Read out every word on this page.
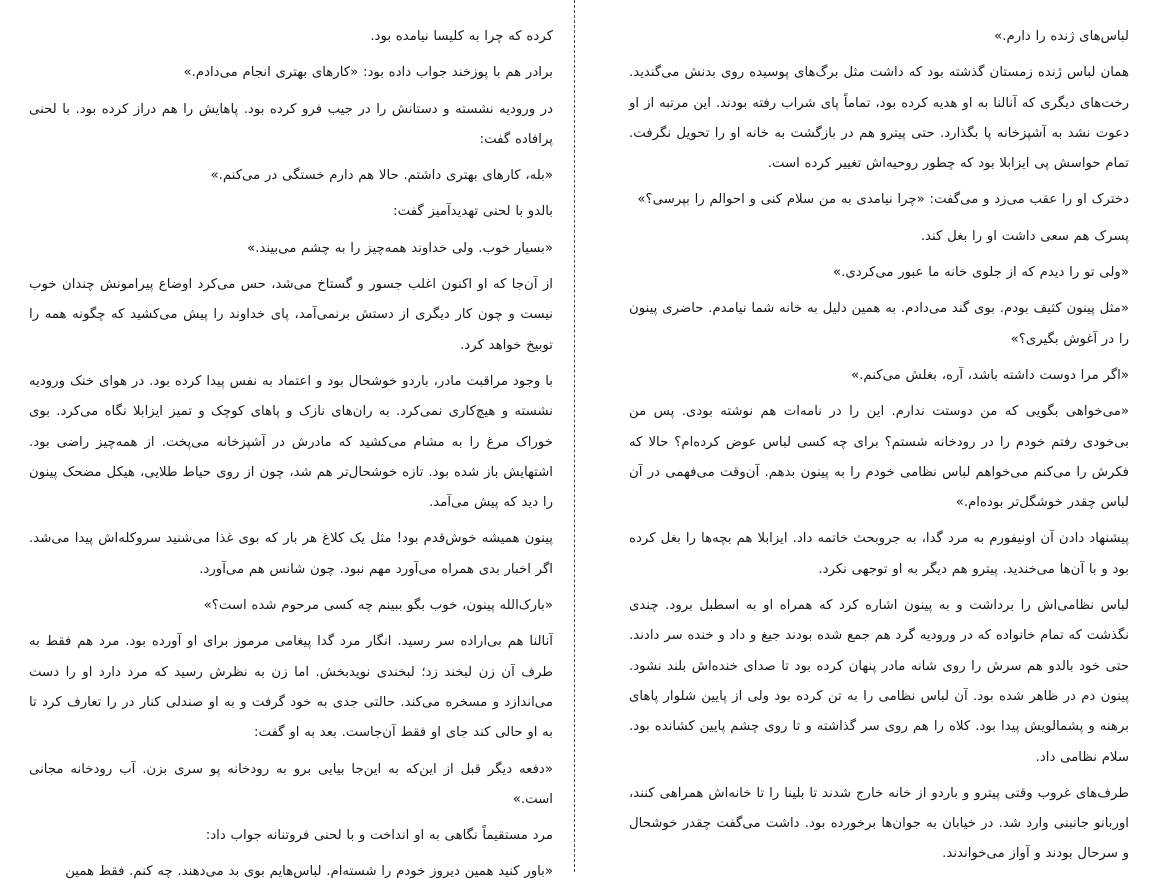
لباس‌های ژنده را دارم.»

همان لباس ژنده زمستان گذشته بود که داشت مثل برگ‌های پوسیده روی بدنش می‌گندید. رخت‌های دیگری که آنالنا به او هدیه کرده بود، تماماً پای شراب رفته بودند. این مرتبه از او دعوت نشد به آشپزخانه پا بگذارد. حتی پیترو هم در بازگشت به خانه او را تحویل نگرفت. تمام حواسش پی ایزابلا بود که چطور روحیه‌اش تغییر کرده است.

دخترک او را عقب می‌زد و می‌گفت: «چرا نیامدی به من سلام کنی و احوالم را بپرسی؟»

پسرک هم سعی داشت او را بغل کند.

«ولی تو را دیدم که از جلوی خانه ما عبور می‌کردی.»

«مثل پینون کثیف بودم. بوی گند می‌دادم. به همین دلیل به خانه شما نیامدم. حاضری پینون را در آغوش بگیری؟»

«اگر مرا دوست داشته باشد، آره، بغلش می‌کنم.»

«می‌خواهی بگویی که من دوستت ندارم. این را در نامه‌ات هم نوشته بودی. پس من بی‌خودی رفتم خودم را در رودخانه شستم؟ برای چه کسی لباس عوض کرده‌ام؟ حالا که فکرش را می‌کنم می‌خواهم لباس نظامی خودم را به پینون بدهم. آن‌وقت می‌فهمی در آن لباس چقدر خوشگل‌تر بوده‌ام.»

پیشنهاد دادن آن اونیفورم به مرد گدا، به جروبحث خاتمه داد. ایزابلا هم بچه‌ها را بغل کرده بود و با آن‌ها می‌خندید. پیترو هم دیگر به او توجهی نکرد.

لباس نظامی‌اش را برداشت و به پینون اشاره کرد که همراه او به اسطبل برود. چندی نگذشت که تمام خانواده که در ورودیه گرد هم جمع شده بودند جیغ و داد و خنده سر دادند. حتی خود بالدو هم سرش را روی شانه مادر پنهان کرده بود تا صدای خنده‌اش بلند نشود. پینون دم در ظاهر شده بود. آن لباس نظامی را به تن کرده بود ولی از پایین شلوار پاهای برهنه و پشمالویش پیدا بود. کلاه را هم روی سر گذاشته و تا روی چشم پایین کشانده بود. سلام نظامی داد.

طرف‌های غروب وقتی پیترو و باردو از خانه خارج شدند تا بلینا را تا خانه‌اش همراهی کنند، اوربانو جانبنی وارد شد. در خیابان به جوان‌ها برخورده بود. داشت می‌گفت چقدر خوشحال و سرحال بودند و آواز می‌خواندند.

کرده که چرا به کلیسا نیامده بود.

برادر هم با پوزخند جواب داده بود: «کارهای بهتری انجام می‌دادم.»

در ورودیه نشسته و دستانش را در جیب فرو کرده بود. پاهایش را هم دراز کرده بود. با لحنی پرافاده گفت:

«بله، کارهای بهتری داشتم. حالا هم دارم خستگی در می‌کنم.»

بالدو با لحنی تهدیدآمیز گفت:

«بسیار خوب. ولی خداوند همه‌چیز را به چشم می‌بیند.»

از آن‌جا که او اکنون اغلب جسور و گستاخ می‌شد، حس می‌کرد اوضاع پیرامونش چندان خوب نیست و چون کار دیگری از دستش برنمی‌آمد، پای خداوند را پیش می‌کشید که چگونه همه را توبیخ خواهد کرد.

با وجود مراقبت مادر، باردو خوشحال بود و اعتماد به نفس پیدا کرده بود. در هوای خنک ورودیه نشسته و هیچ‌کاری نمی‌کرد. به ران‌های نازک و پاهای کوچک و تمیز ایزابلا نگاه می‌کرد. بوی خوراک مرغ را به مشام می‌کشید که مادرش در آشپزخانه می‌پخت. از همه‌چیز راضی بود. اشتهایش باز شده بود. تازه خوشحال‌تر هم شد، چون از روی حیاط طلایی، هیکل مضحک پینون را دید که پیش می‌آمد.

پینون همیشه خوش‌قدم بود! مثل یک کلاغ هر بار که بوی غذا می‌شنید سروکله‌اش پیدا می‌شد. اگر اخبار بدی همراه می‌آورد مهم نبود. چون شانس هم می‌آورد.

«بارک‌الله پینون، خوب بگو ببینم چه کسی مرحوم شده است؟»

آنالنا هم بی‌اراده سر رسید. انگار مرد گدا پیغامی مرموز برای او آورده بود. مرد هم فقط به طرف آن زن لبخند زد؛ لبخندی نویدبخش. اما زن به نظرش رسید که مرد دارد او را دست می‌اندازد و مسخره می‌کند. حالتی جدی به خود گرفت و به او صندلی کنار در را تعارف کرد تا به او حالی کند جای او فقط آن‌جاست. بعد به او گفت:

«دفعه دیگر قبل از این‌که به این‌جا بیایی برو به رودخانه پو سری بزن. آب رودخانه مجانی است.»

مرد مستقیماً نگاهی به او انداخت و با لحنی فروتنانه جواب داد:

«باور کنید همین دیروز خودم را شسته‌ام. لباس‌هایم بوی بد می‌دهند. چه کنم. فقط همین
